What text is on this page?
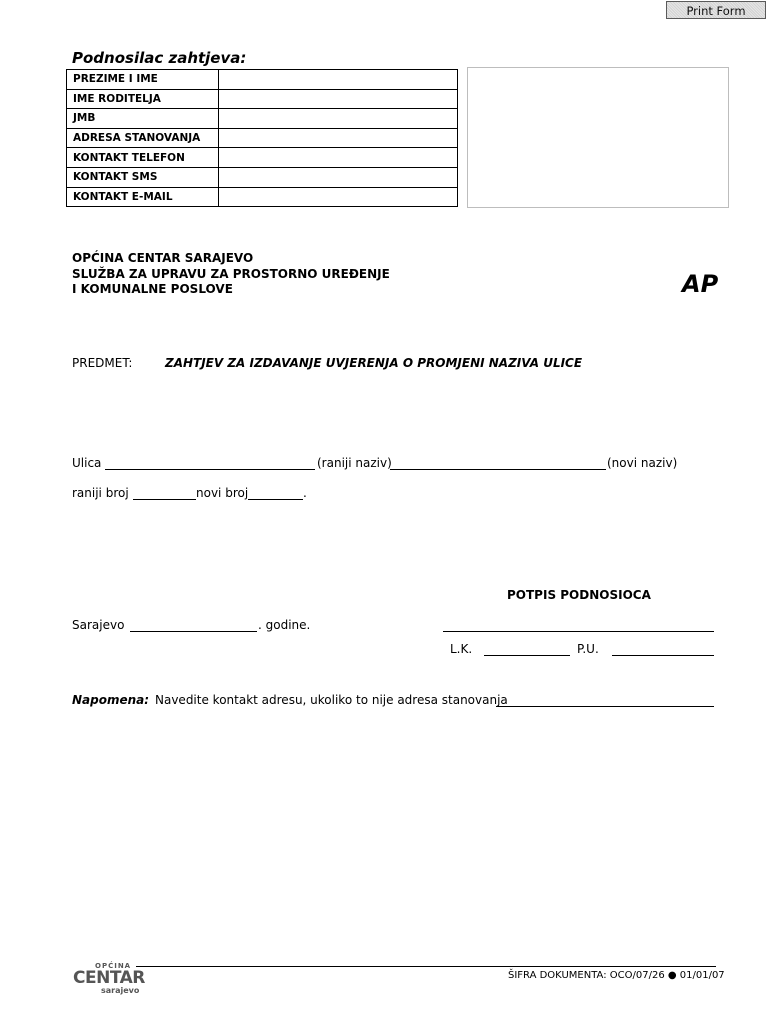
Print Form
Podnosilac zahtjeva:
PREZIME I IME	
IME RODITELJA	
JMB	
ADRESA STANOVANJA	
KONTAKT TELEFON	
KONTAKT SMS	
KONTAKT E-MAIL	
OPĆINA CENTAR SARAJEVO
SLUŽBA ZA UPRAVU ZA PROSTORNO UREĐENJE
I KOMUNALNE POSLOVE	AP
PREDMET:	ZAHTJEV ZA IZDAVANJE UVJERENJA O PROMJENI NAZIVA ULICE
Ulica	(raniji naziv)	(novi naziv)
raniji broj	novi broj	.
POTPIS PODNOSIOCA
Sarajevo	. godine.
L.K.	P.U.
Napomena: Navedite kontakt adresu, ukoliko to nije adresa stanovanja
OPĆINA
CENTAR
sarajevo
ŠIFRA DOKUMENTA: OCO/07/26 ● 01/01/07
